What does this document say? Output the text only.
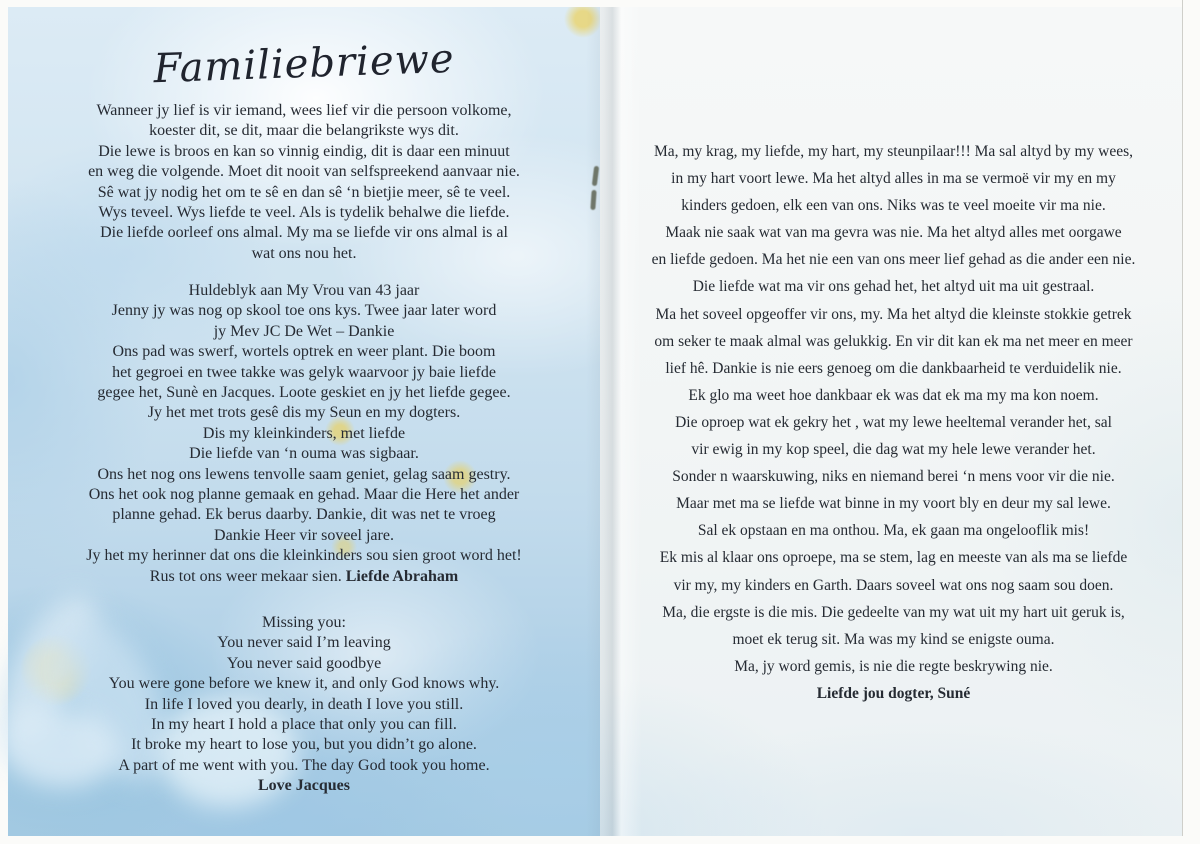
Familiebriewe
Wanneer jy lief is vir iemand, wees lief vir die persoon volkome,
koester dit, se dit, maar die belangrikste wys dit.
Die lewe is broos en kan so vinnig eindig, dit is daar een minuut
en weg die volgende. Moet dit nooit van selfspreekend aanvaar nie.
Sê wat jy nodig het om te sê en dan sê ‘n bietjie meer, sê te veel.
Wys teveel. Wys liefde te veel. Als is tydelik behalwe die liefde.
Die liefde oorleef ons almal. My ma se liefde vir ons almal is al
wat ons nou het.
Huldeblyk aan My Vrou van 43 jaar
Jenny jy was nog op skool toe ons kys. Twee jaar later word
jy Mev JC De Wet – Dankie
Ons pad was swerf, wortels optrek en weer plant. Die boom
het gegroei en twee takke was gelyk waarvoor jy baie liefde
gegee het, Sunè en Jacques. Loote geskiet en jy het liefde gegee.
Jy het met trots gesê dis my Seun en my dogters.
Dis my kleinkinders, met liefde
Die liefde van ‘n ouma was sigbaar.
Ons het nog ons lewens tenvolle saam geniet, gelag saam gestry.
Ons het ook nog planne gemaak en gehad. Maar die Here het ander
planne gehad. Ek berus daarby. Dankie, dit was net te vroeg
Dankie Heer vir soveel jare.
Jy het my herinner dat ons die kleinkinders sou sien groot word het!
Rus tot ons weer mekaar sien. Liefde Abraham
Missing you:
You never said I’m leaving
You never said goodbye
You were gone before we knew it, and only God knows why.
In life I loved you dearly, in death I love you still.
In my heart I hold a place that only you can fill.
It broke my heart to lose you, but you didn’t go alone.
A part of me went with you. The day God took you home.
Love Jacques
Ma, my krag, my liefde, my hart, my steunpilaar!!! Ma sal altyd by my wees,
in my hart voort lewe. Ma het altyd alles in ma se vermoë vir my en my
kinders gedoen, elk een van ons. Niks was te veel moeite vir ma nie.
Maak nie saak wat van ma gevra was nie. Ma het altyd alles met oorgawe
en liefde gedoen. Ma het nie een van ons meer lief gehad as die ander een nie.
Die liefde wat ma vir ons gehad het, het altyd uit ma uit gestraal.
Ma het soveel opgeoffer vir ons, my. Ma het altyd die kleinste stokkie getrek
om seker te maak almal was gelukkig. En vir dit kan ek ma net meer en meer
lief hê. Dankie is nie eers genoeg om die dankbaarheid te verduidelik nie.
Ek glo ma weet hoe dankbaar ek was dat ek ma my ma kon noem.
Die oproep wat ek gekry het , wat my lewe heeltemal verander het, sal
vir ewig in my kop speel, die dag wat my hele lewe verander het.
Sonder n waarskuwing, niks en niemand berei ‘n mens voor vir die nie.
Maar met ma se liefde wat binne in my voort bly en deur my sal lewe.
Sal ek opstaan en ma onthou. Ma, ek gaan ma ongelooflik mis!
Ek mis al klaar ons oproepe, ma se stem, lag en meeste van als ma se liefde
vir my, my kinders en Garth. Daars soveel wat ons nog saam sou doen.
Ma, die ergste is die mis. Die gedeelte van my wat uit my hart uit geruk is,
moet ek terug sit. Ma was my kind se enigste ouma.
Ma, jy word gemis, is nie die regte beskrywing nie.
Liefde jou dogter, Suné
